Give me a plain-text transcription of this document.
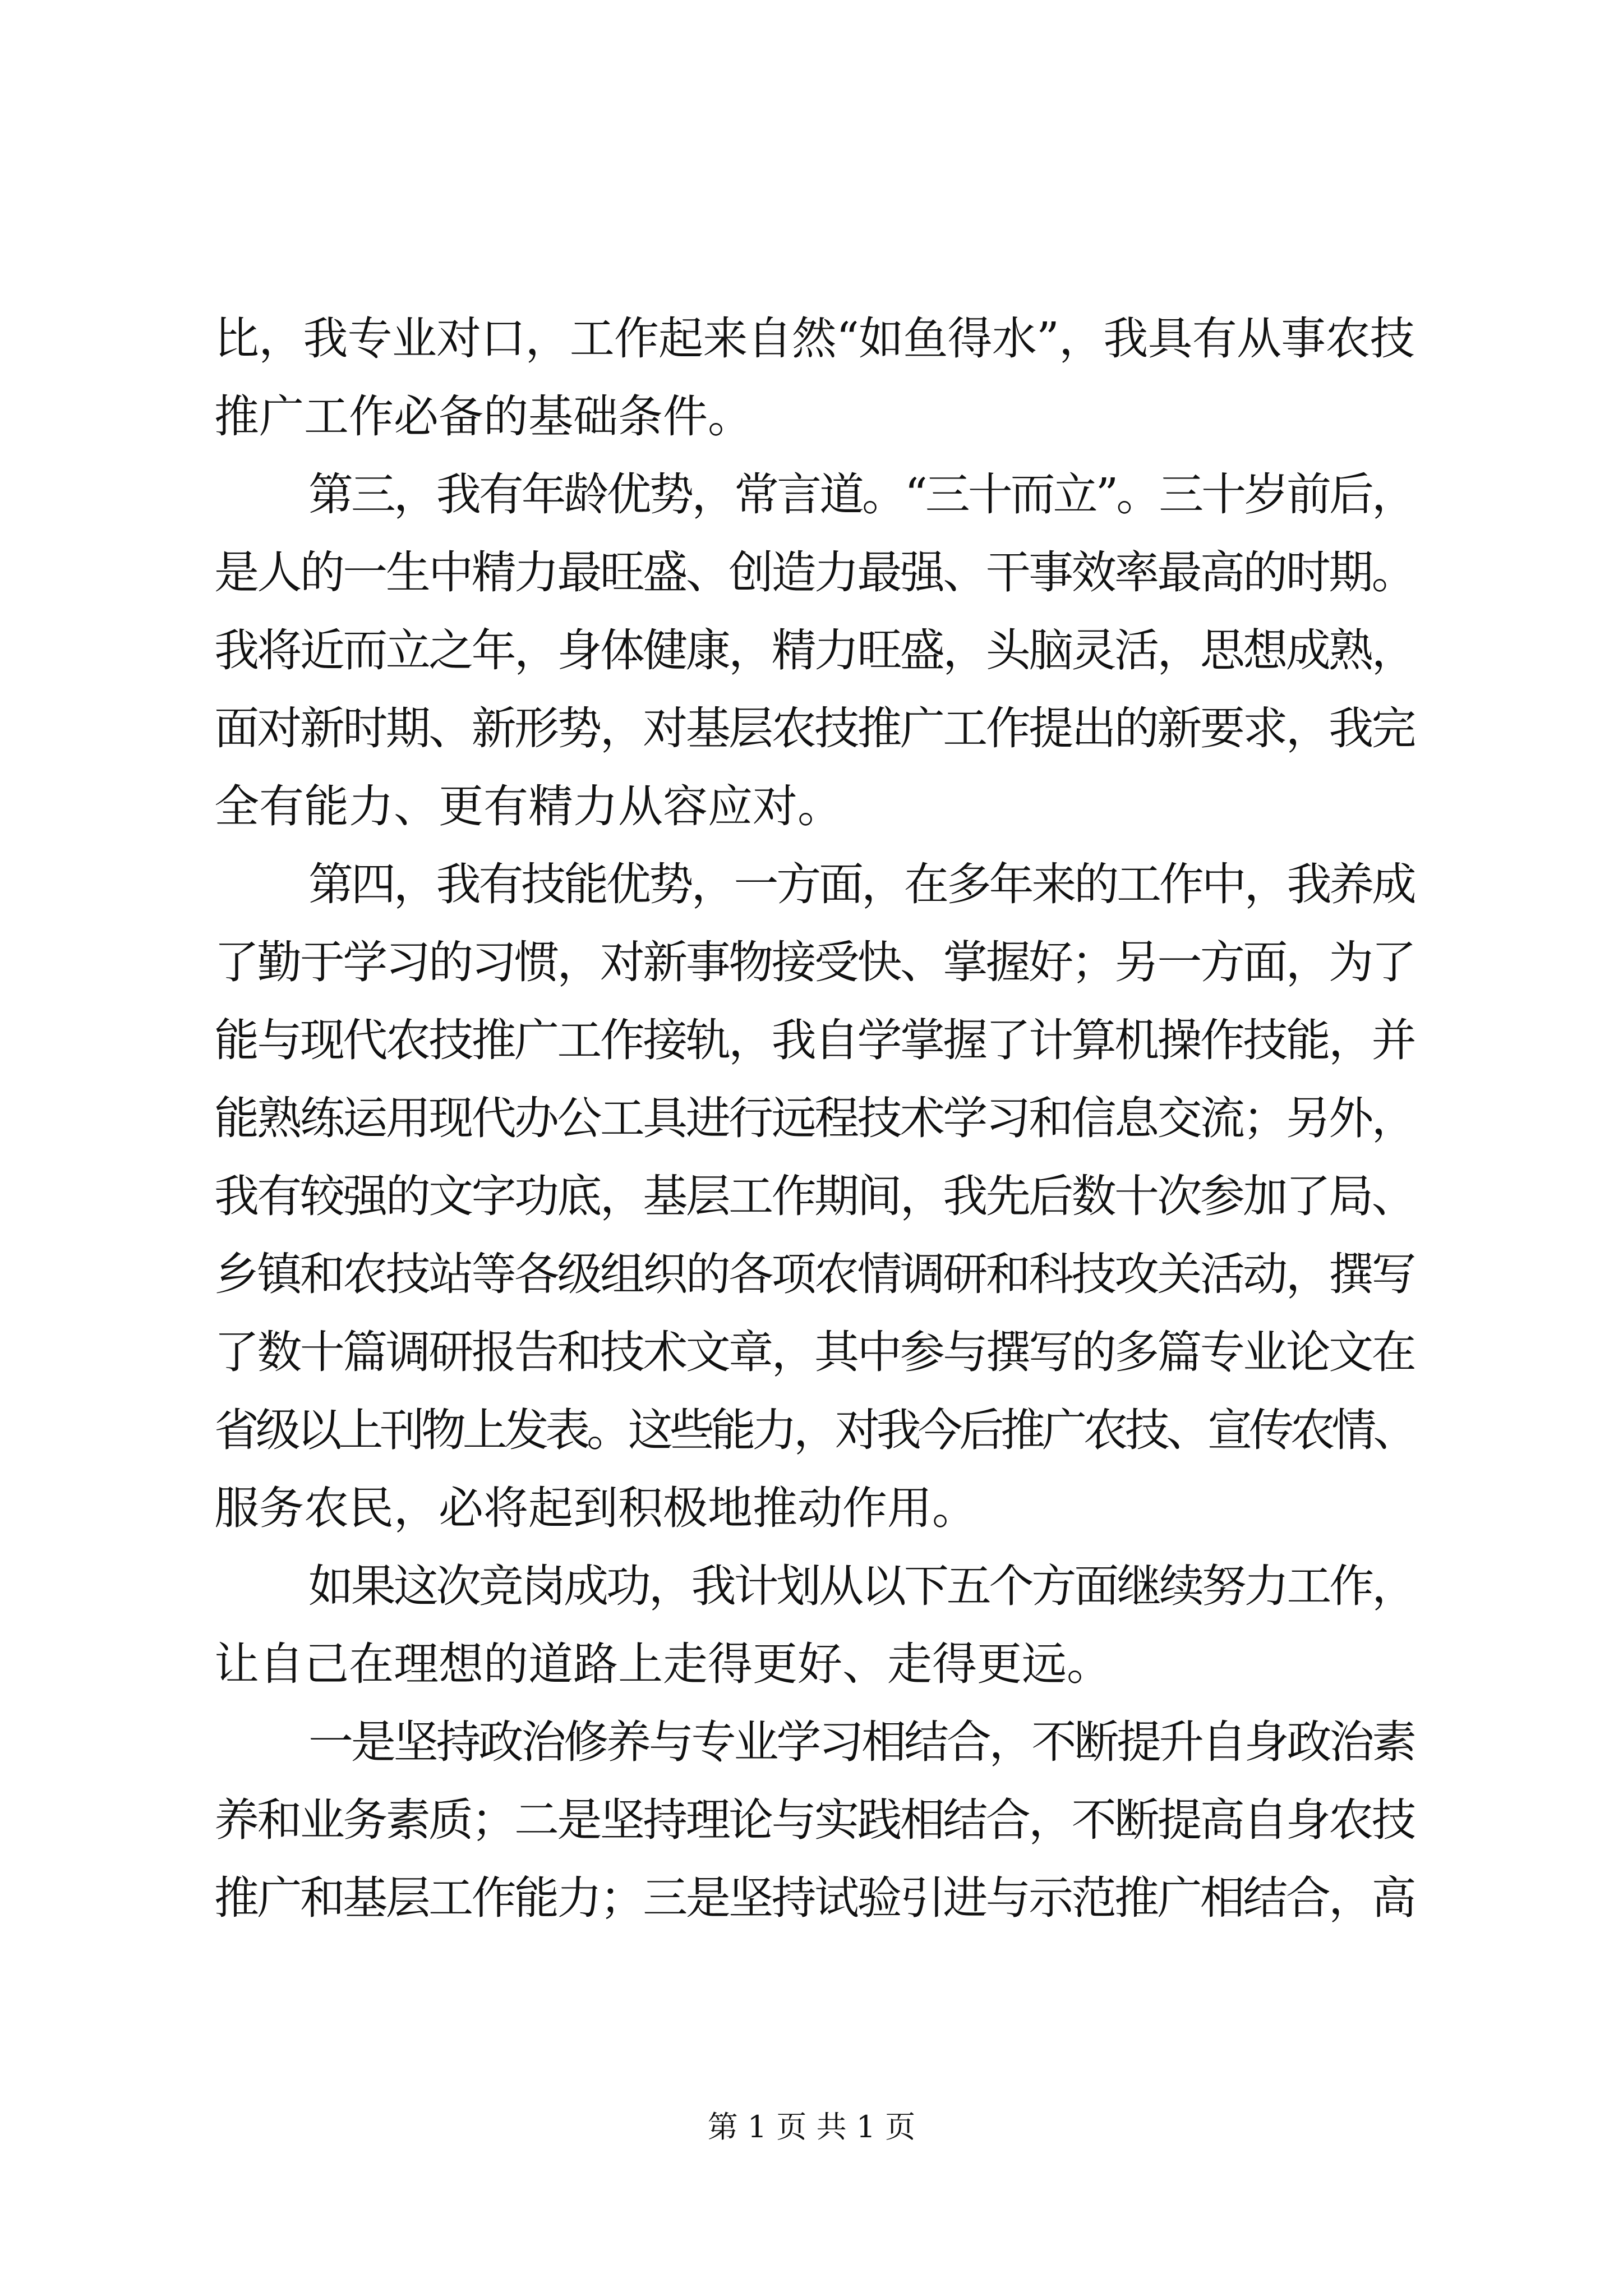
比，我专业对口，工作起来自然“如鱼得水”，我具有从事农技
推广工作必备的基础条件。
第三，我有年龄优势，常言道。“三十而立”。三十岁前后，
是人的一生中精力最旺盛、创造力最强、干事效率最高的时期。
我将近而立之年，身体健康，精力旺盛，头脑灵活，思想成熟，
面对新时期、新形势，对基层农技推广工作提出的新要求，我完
全有能力、更有精力从容应对。
第四，我有技能优势，一方面，在多年来的工作中，我养成
了勤于学习的习惯，对新事物接受快、掌握好；另一方面，为了
能与现代农技推广工作接轨，我自学掌握了计算机操作技能，并
能熟练运用现代办公工具进行远程技术学习和信息交流；另外，
我有较强的文字功底，基层工作期间，我先后数十次参加了局、
乡镇和农技站等各级组织的各项农情调研和科技攻关活动，撰写
了数十篇调研报告和技术文章，其中参与撰写的多篇专业论文在
省级以上刊物上发表。这些能力，对我今后推广农技、宣传农情、
服务农民，必将起到积极地推动作用。
如果这次竞岗成功，我计划从以下五个方面继续努力工作，
让自己在理想的道路上走得更好、走得更远。
一是坚持政治修养与专业学习相结合，不断提升自身政治素
养和业务素质；二是坚持理论与实践相结合，不断提高自身农技
推广和基层工作能力；三是坚持试验引进与示范推广相结合，高
第 1 页 共 1 页
